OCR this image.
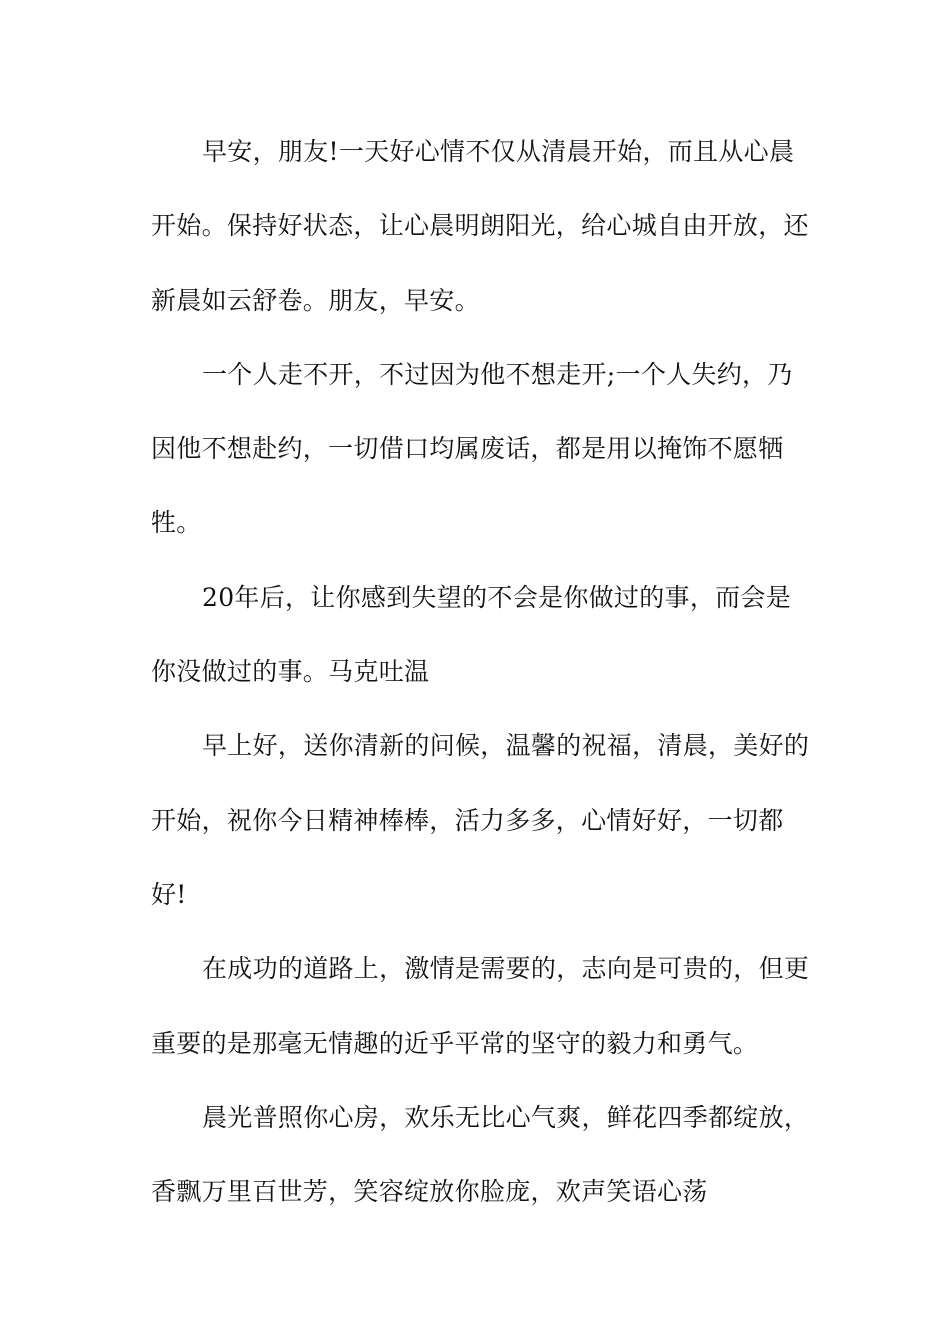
早安，朋友!一天好心情不仅从清晨开始，而且从心晨开始。保持好状态，让心晨明朗阳光，给心城自由开放，还新晨如云舒卷。朋友，早安。

一个人走不开，不过因为他不想走开;一个人失约，乃因他不想赴约，一切借口均属废话，都是用以掩饰不愿牺牲。

20年后，让你感到失望的不会是你做过的事，而会是你没做过的事。马克吐温

早上好，送你清新的问候，温馨的祝福，清晨，美好的开始，祝你今日精神棒棒，活力多多，心情好好，一切都好!

在成功的道路上，激情是需要的，志向是可贵的，但更重要的是那毫无情趣的近乎平常的坚守的毅力和勇气。

晨光普照你心房，欢乐无比心气爽，鲜花四季都绽放，香飘万里百世芳，笑容绽放你脸庞，欢声笑语心荡
